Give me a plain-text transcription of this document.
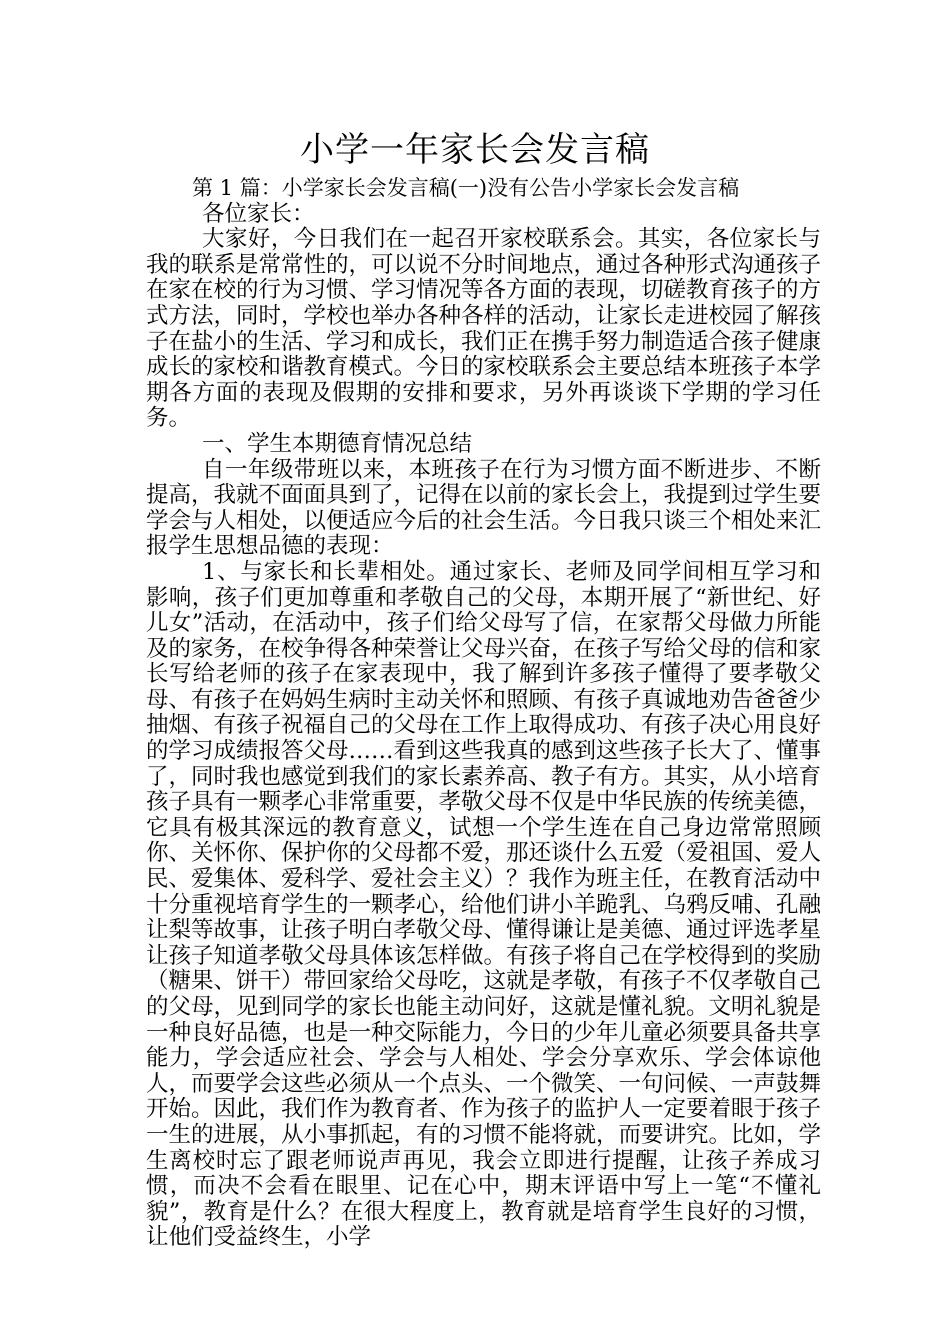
小学一年家长会发言稿

第 1 篇：小学家长会发言稿(一)没有公告小学家长会发言稿

各位家长：

大家好，今日我们在一起召开家校联系会。其实，各位家长与我的联系是常常性的，可以说不分时间地点，通过各种形式沟通孩子在家在校的行为习惯、学习情况等各方面的表现，切磋教育孩子的方式方法，同时，学校也举办各种各样的活动，让家长走进校园了解孩子在盐小的生活、学习和成长，我们正在携手努力制造适合孩子健康成长的家校和谐教育模式。今日的家校联系会主要总结本班孩子本学期各方面的表现及假期的安排和要求，另外再谈谈下学期的学习任务。

一、学生本期德育情况总结

自一年级带班以来，本班孩子在行为习惯方面不断进步、不断提高，我就不面面具到了，记得在以前的家长会上，我提到过学生要学会与人相处，以便适应今后的社会生活。今日我只谈三个相处来汇报学生思想品德的表现：

1、与家长和长辈相处。通过家长、老师及同学间相互学习和影响，孩子们更加尊重和孝敬自己的父母，本期开展了“新世纪、好儿女”活动，在活动中，孩子们给父母写了信，在家帮父母做力所能及的家务，在校争得各种荣誉让父母兴奋，在孩子写给父母的信和家长写给老师的孩子在家表现中，我了解到许多孩子懂得了要孝敬父母、有孩子在妈妈生病时主动关怀和照顾、有孩子真诚地劝告爸爸少抽烟、有孩子祝福自己的父母在工作上取得成功、有孩子决心用良好的学习成绩报答父母……看到这些我真的感到这些孩子长大了、懂事了，同时我也感觉到我们的家长素养高、教子有方。其实，从小培育孩子具有一颗孝心非常重要，孝敬父母不仅是中华民族的传统美德，它具有极其深远的教育意义，试想一个学生连在自己身边常常照顾你、关怀你、保护你的父母都不爱，那还谈什么五爱（爱祖国、爱人民、爱集体、爱科学、爱社会主义）？我作为班主任，在教育活动中十分重视培育学生的一颗孝心，给他们讲小羊跪乳、乌鸦反哺、孔融让梨等故事，让孩子明白孝敬父母、懂得谦让是美德、通过评选孝星让孩子知道孝敬父母具体该怎样做。有孩子将自己在学校得到的奖励（糖果、饼干）带回家给父母吃，这就是孝敬，有孩子不仅孝敬自己的父母，见到同学的家长也能主动问好，这就是懂礼貌。文明礼貌是一种良好品德，也是一种交际能力，今日的少年儿童必须要具备共享能力，学会适应社会、学会与人相处、学会分享欢乐、学会体谅他人，而要学会这些必须从一个点头、一个微笑、一句问候、一声鼓舞开始。因此，我们作为教育者、作为孩子的监护人一定要着眼于孩子一生的进展，从小事抓起，有的习惯不能将就，而要讲究。比如，学生离校时忘了跟老师说声再见，我会立即进行提醒，让孩子养成习惯，而决不会看在眼里、记在心中，期末评语中写上一笔“不懂礼貌”，教育是什么？在很大程度上，教育就是培育学生良好的习惯，让他们受益终生，小学
